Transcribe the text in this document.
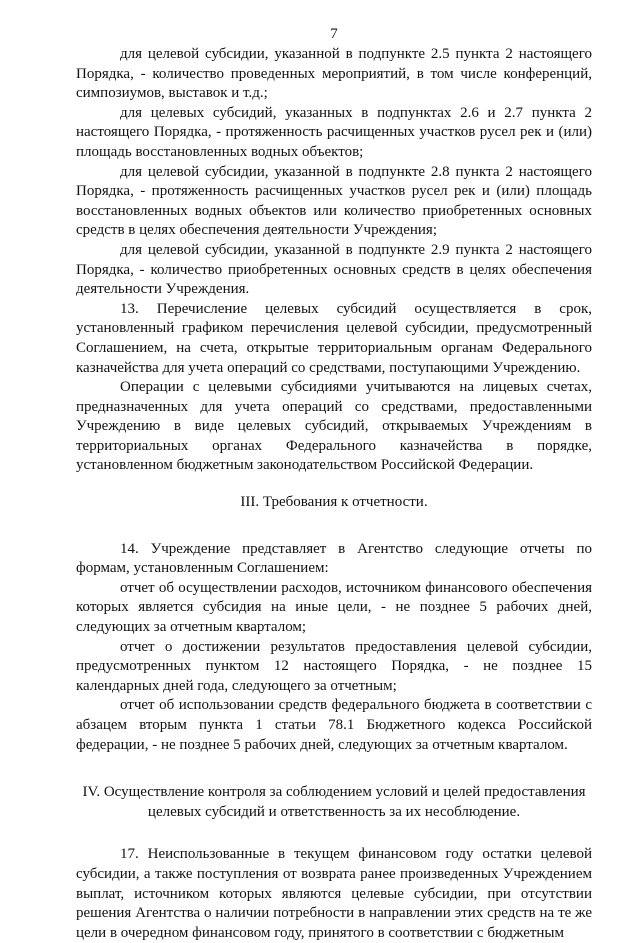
7

для целевой субсидии, указанной в подпункте 2.5 пункта 2 настоящего Порядка, - количество проведенных мероприятий, в том числе конференций, симпозиумов, выставок и т.д.;

для целевых субсидий, указанных в подпунктах 2.6 и 2.7 пункта 2 настоящего Порядка, - протяженность расчищенных участков русел рек и (или) площадь восстановленных водных объектов;

для целевой субсидии, указанной в подпункте 2.8 пункта 2 настоящего Порядка, - протяженность расчищенных участков русел рек и (или) площадь восстановленных водных объектов или количество приобретенных основных средств в целях обеспечения деятельности Учреждения;

для целевой субсидии, указанной в подпункте 2.9 пункта 2 настоящего Порядка, - количество приобретенных основных средств в целях обеспечения деятельности Учреждения.

13. Перечисление целевых субсидий осуществляется в срок, установленный графиком перечисления целевой субсидии, предусмотренный Соглашением, на счета, открытые территориальным органам Федерального казначейства для учета операций со средствами, поступающими Учреждению.

Операции с целевыми субсидиями учитываются на лицевых счетах, предназначенных для учета операций со средствами, предоставленными Учреждению в виде целевых субсидий, открываемых Учреждениям в территориальных органах Федерального казначейства в порядке, установленном бюджетным законодательством Российской Федерации.

III. Требования к отчетности.

14. Учреждение представляет в Агентство следующие отчеты по формам, установленным Соглашением:

отчет об осуществлении расходов, источником финансового обеспечения которых является субсидия на иные цели, - не позднее 5 рабочих дней, следующих за отчетным кварталом;

отчет о достижении результатов предоставления целевой субсидии, предусмотренных пунктом 12 настоящего Порядка, - не позднее 15 календарных дней года, следующего за отчетным;

отчет об использовании средств федерального бюджета в соответствии с абзацем вторым пункта 1 статьи 78.1 Бюджетного кодекса Российской федерации, - не позднее 5 рабочих дней, следующих за отчетным кварталом.

IV. Осуществление контроля за соблюдением условий и целей предоставления
целевых субсидий и ответственность за их несоблюдение.

17. Неиспользованные в текущем финансовом году остатки целевой субсидии, а также поступления от возврата ранее произведенных Учреждением выплат, источником которых являются целевые субсидии, при отсутствии решения Агентства о наличии потребности в направлении этих средств на те же цели в очередном финансовом году, принятого в соответствии с бюджетным
